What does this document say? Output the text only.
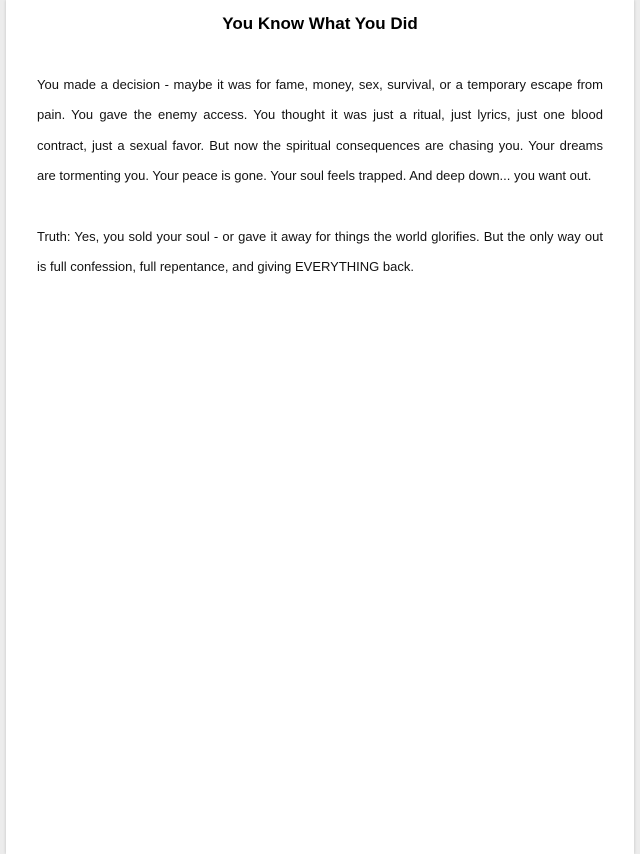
You Know What You Did

You made a decision - maybe it was for fame, money, sex, survival, or a temporary escape from pain. You gave the enemy access. You thought it was just a ritual, just lyrics, just one blood contract, just a sexual favor. But now the spiritual consequences are chasing you. Your dreams are tormenting you. Your peace is gone. Your soul feels trapped. And deep down... you want out.

Truth: Yes, you sold your soul - or gave it away for things the world glorifies. But the only way out is full confession, full repentance, and giving EVERYTHING back.
